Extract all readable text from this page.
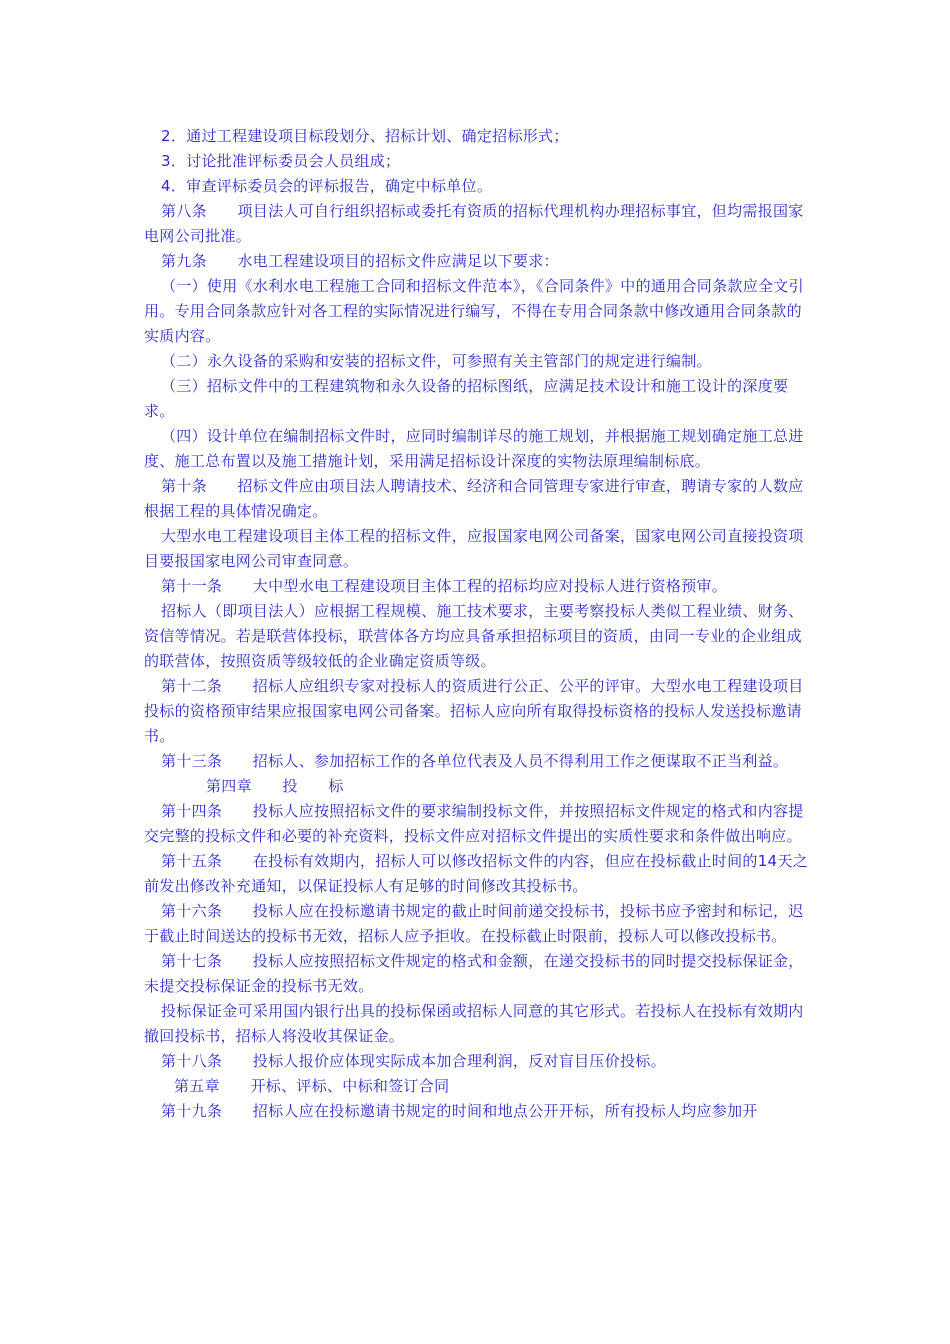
2．通过工程建设项目标段划分、招标计划、确定招标形式；

3．讨论批准评标委员会人员组成；

4．审查评标委员会的评标报告，确定中标单位。

第八条　　项目法人可自行组织招标或委托有资质的招标代理机构办理招标事宜，但均需报国家电网公司批准。

第九条　　水电工程建设项目的招标文件应满足以下要求：

（一）使用《水利水电工程施工合同和招标文件范本》，《合同条件》中的通用合同条款应全文引用。专用合同条款应针对各工程的实际情况进行编写，不得在专用合同条款中修改通用合同条款的实质内容。

（二）永久设备的采购和安装的招标文件，可参照有关主管部门的规定进行编制。

（三）招标文件中的工程建筑物和永久设备的招标图纸，应满足技术设计和施工设计的深度要求。

（四）设计单位在编制招标文件时，应同时编制详尽的施工规划，并根据施工规划确定施工总进度、施工总布置以及施工措施计划，采用满足招标设计深度的实物法原理编制标底。

第十条　　招标文件应由项目法人聘请技术、经济和合同管理专家进行审查，聘请专家的人数应根据工程的具体情况确定。

大型水电工程建设项目主体工程的招标文件，应报国家电网公司备案，国家电网公司直接投资项目要报国家电网公司审查同意。

第十一条　　大中型水电工程建设项目主体工程的招标均应对投标人进行资格预审。

招标人（即项目法人）应根据工程规模、施工技术要求，主要考察投标人类似工程业绩、财务、资信等情况。若是联营体投标，联营体各方均应具备承担招标项目的资质，由同一专业的企业组成的联营体，按照资质等级较低的企业确定资质等级。

第十二条　　招标人应组织专家对投标人的资质进行公正、公平的评审。大型水电工程建设项目投标的资格预审结果应报国家电网公司备案。招标人应向所有取得投标资格的投标人发送投标邀请书。

第十三条　　招标人、参加招标工作的各单位代表及人员不得利用工作之便谋取不正当利益。

第四章　　投　　标

第十四条　　投标人应按照招标文件的要求编制投标文件，并按照招标文件规定的格式和内容提交完整的投标文件和必要的补充资料，投标文件应对招标文件提出的实质性要求和条件做出响应。

第十五条　　在投标有效期内，招标人可以修改招标文件的内容，但应在投标截止时间的14天之前发出修改补充通知，以保证投标人有足够的时间修改其投标书。

第十六条　　投标人应在投标邀请书规定的截止时间前递交投标书，投标书应予密封和标记，迟于截止时间送达的投标书无效，招标人应予拒收。在投标截止时限前，投标人可以修改投标书。

第十七条　　投标人应按照招标文件规定的格式和金额，在递交投标书的同时提交投标保证金，未提交投标保证金的投标书无效。

投标保证金可采用国内银行出具的投标保函或招标人同意的其它形式。若投标人在投标有效期内撤回投标书，招标人将没收其保证金。

第十八条　　投标人报价应体现实际成本加合理利润，反对盲目压价投标。

第五章　　开标、评标、中标和签订合同

第十九条　　招标人应在投标邀请书规定的时间和地点公开开标，所有投标人均应参加开
